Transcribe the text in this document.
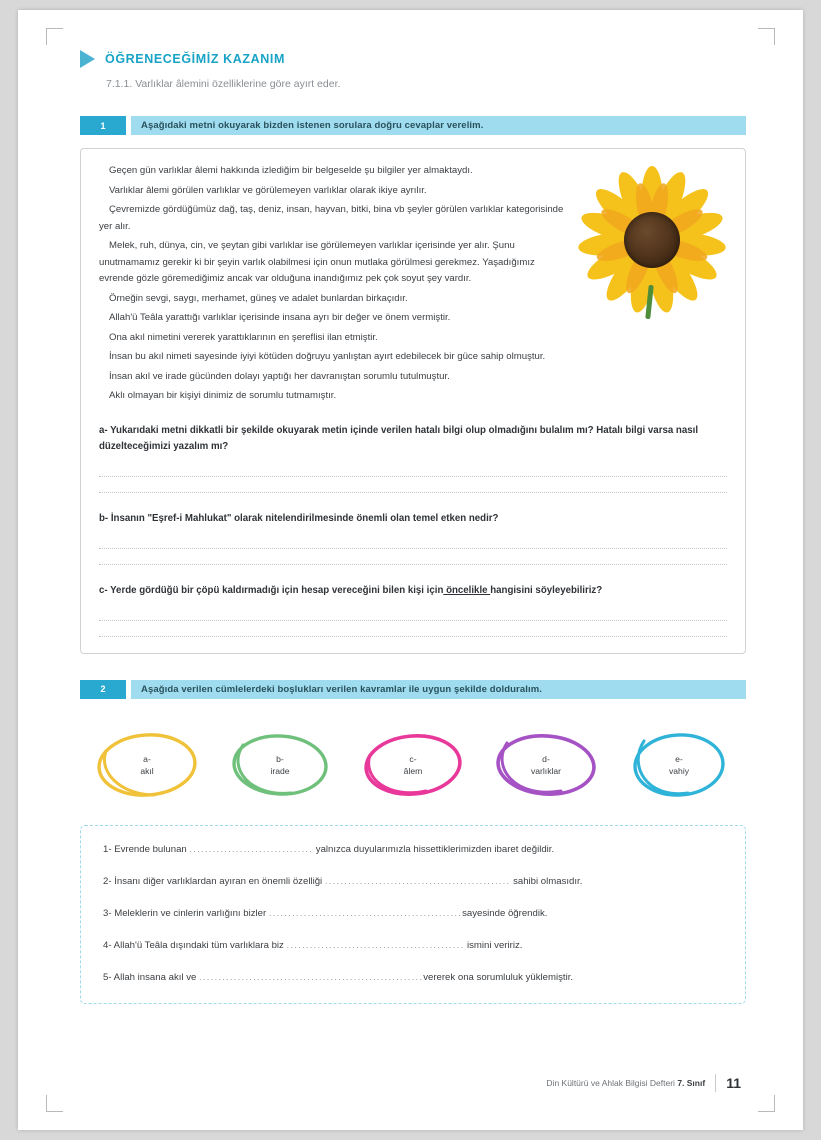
ÖĞRENECEĞİMİZ KAZANIM
7.1.1. Varlıklar âlemini özelliklerine göre ayırt eder.
1	Aşağıdaki metni okuyarak bizden istenen sorulara doğru cevaplar verelim.

Geçen gün varlıklar âlemi hakkında izlediğim bir belgeselde şu bilgiler yer almaktaydı.

Varlıklar âlemi görülen varlıklar ve görülemeyen varlıklar olarak ikiye ayrılır.

Çevremizde gördüğümüz dağ, taş, deniz, insan, hayvan, bitki, bina vb şeyler görülen varlıklar kategorisinde yer alır.

Melek, ruh, dünya, cin, ve şeytan gibi varlıklar ise görülemeyen varlıklar içerisinde yer alır. Şunu unutmamamız gerekir ki bir şeyin varlık olabilmesi için onun mutlaka görülmesi gerekmez. Yaşadığımız evrende gözle göremediğimiz ancak var olduğuna inandığımız pek çok soyut şey vardır.

Örneğin sevgi, saygı, merhamet, güneş ve adalet bunlardan birkaçıdır.

Allah'ü Teâla yarattığı varlıklar içerisinde insana ayrı bir değer ve önem vermiştir.

Ona akıl nimetini vererek yarattıklarının en şereflisi ilan etmiştir.

İnsan bu akıl nimeti sayesinde iyiyi kötüden doğruyu yanlıştan ayırt edebilecek bir güce sahip olmuştur.

İnsan akıl ve irade gücünden dolayı yaptığı her davranıştan sorumlu tutulmuştur.

Aklı olmayan bir kişiyi dinimiz de sorumlu tutmamıştır.

a- Yukarıdaki metni dikkatli bir şekilde okuyarak metin içinde verilen hatalı bilgi olup olmadığını bulalım mı? Hatalı bilgi varsa nasıl düzelteceğimizi yazalım mı?
b- İnsanın "Eşref-i Mahlukat" olarak nitelendirilmesinde önemli olan temel etken nedir?
c- Yerde gördüğü bir çöpü kaldırmadığı için hesap vereceğini bilen kişi için öncelikle hangisini söyleyebiliriz?
2	Aşağıda verilen cümlelerdeki boşlukları verilen kavramlar ile uygun şekilde dolduralım.
a-
akıl
b-
irade
c-
âlem
d-
varlıklar
e-
vahiy
1- Evrende bulunan ................................ yalnızca duyularımızla hissettiklerimizden ibaret değildir.
2- İnsanı diğer varlıklardan ayıran en önemli özelliği ................................................ sahibi olmasıdır.
3- Meleklerin ve cinlerin varlığını bizler ..................................................sayesinde öğrendik.
4- Allah'ü Teâla dışındaki tüm varlıklara biz .............................................. ismini veririz.
5- Allah insana akıl ve ..........................................................vererek ona sorumluluk yüklemiştir.
Din Kültürü ve Ahlak Bilgisi Defteri 7. Sınıf 11
